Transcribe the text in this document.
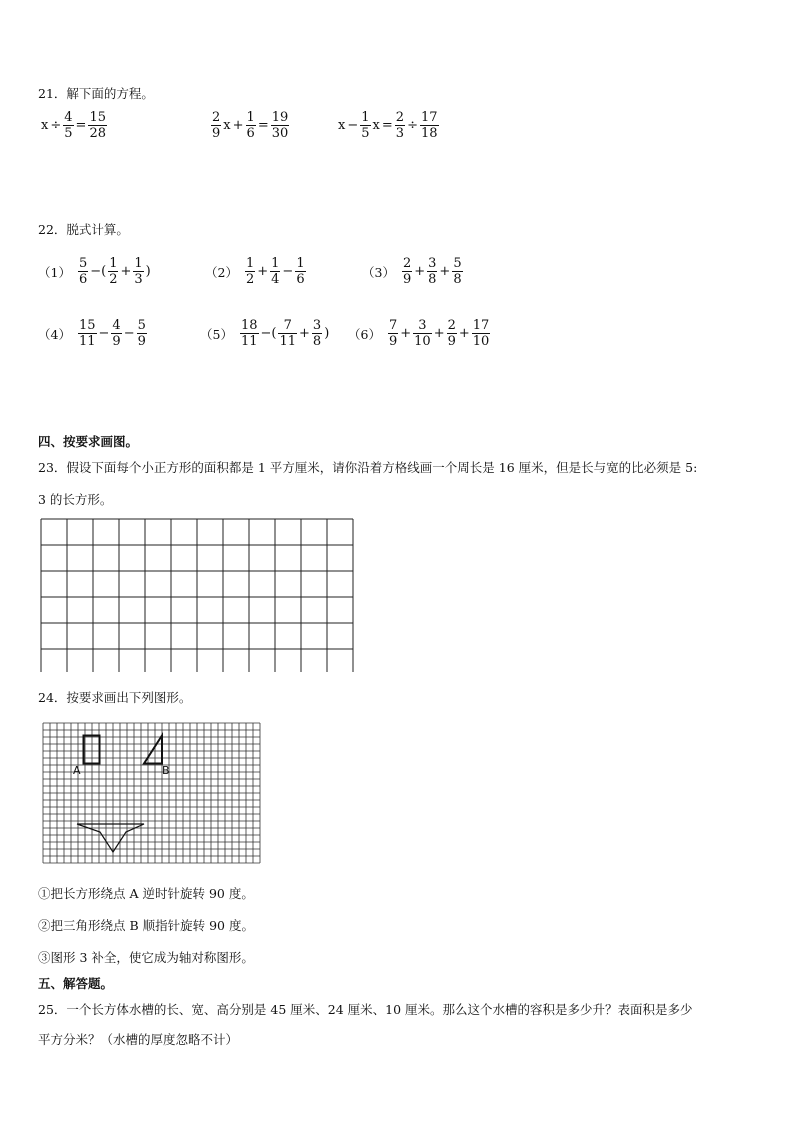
21．解下面的方程。
$x \div \frac{4}{5} = \frac{15}{28}$	$\frac{2}{9}$ $x + \frac{1}{6} = \frac{19}{30}$	$x - \frac{1}{5}$ $x = \frac{2}{3} \div \frac{17}{18}$
22．脱式计算。
$(1) \frac{5}{6}$ −( $\frac{1}{2} + \frac{1}{3}$ )	$(2) \frac{1}{2} + \frac{1}{4} - \frac{1}{6}$	$(3) \frac{2}{9} + \frac{3}{8} + \frac{5}{8}$
$(4) \frac{15}{11} - \frac{4}{9} - \frac{5}{9}$	$(5) \frac{18}{11}$ −( $\frac{7}{11} + \frac{3}{8}$ ) $(6) \frac{7}{9} + \frac{3}{10} + \frac{2}{9} + \frac{17}{10}$
四、按要求画图。
23．假设下面每个小正方形的面积都是 1 平方厘米，请你沿着方格线画一个周长是 16 厘米，但是长与宽的比必须是 5:
3 的长方形。
24．按要求画出下列图形。
A	B
①把长方形绕点 A 逆时针旋转 90 度。
②把三角形绕点 B 顺指针旋转 90 度。
③图形 3 补全，使它成为轴对称图形。
五、解答题。
25．一个长方体水槽的长、宽、高分别是 45 厘米、24 厘米、10 厘米。那么这个水槽的容积是多少升？表面积是多少
平方分米？（水槽的厚度忽略不计）
